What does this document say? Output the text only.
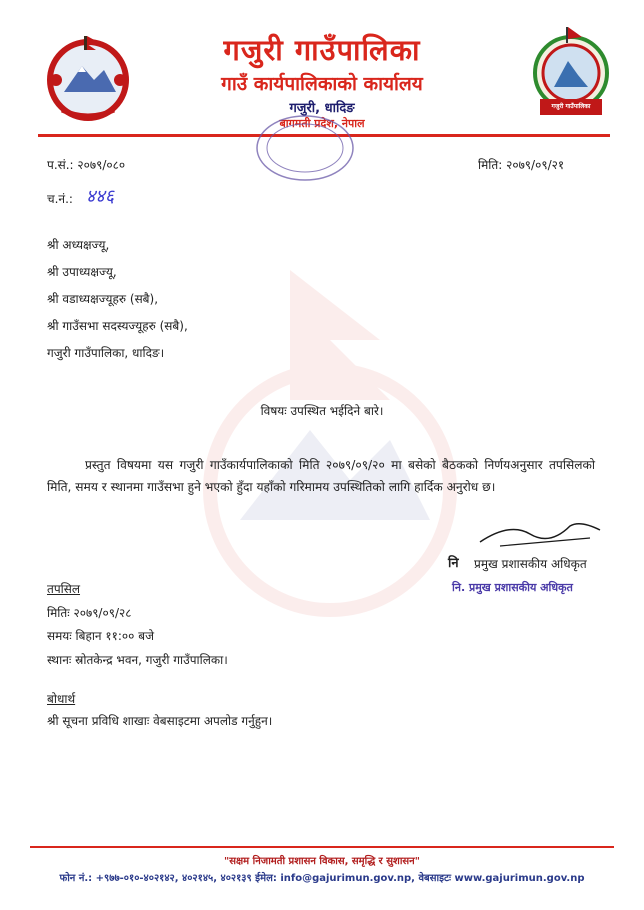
गजुरी गाउँपालिका
गजुरी गाउँपालिका
गाउँ कार्यपालिकाको कार्यालय
गजुरी, धादिङ
बागमती प्रदेश, नेपाल
प.सं.: २०७९/०८०	मिति: २०७९/०९/२१
च.नं.: ४४६
श्री अध्यक्षज्यू,
श्री उपाध्यक्षज्यू,
श्री वडाध्यक्षज्यूहरु (सबै),
श्री गाउँसभा सदस्यज्यूहरु (सबै),
गजुरी गाउँपालिका, धादिङ।
विषयः उपस्थित भईदिने बारे।
प्रस्तुत विषयमा यस गजुरी गाउँकार्यपालिकाको मिति २०७९/०९/२० मा बसेको बैठकको निर्णयअनुसार तपसिलको मिति, समय र स्थानमा गाउँसभा हुने भएको हुँदा यहाँको गरिमामय उपस्थितिको लागि हार्दिक अनुरोध छ।
नि प्रमुख प्रशासकीय अधिकृत
नि. प्रमुख प्रशासकीय अधिकृत
तपसिल
मितिः २०७९/०९/२८
समयः बिहान ११:०० बजे
स्थानः स्रोतकेन्द्र भवन, गजुरी गाउँपालिका।
बोधार्थ
श्री सूचना प्रविधि शाखाः वेबसाइटमा अपलोड गर्नुहुन।
"सक्षम निजामती प्रशासन विकास, समृद्धि र सुशासन"
फोन नं.: +९७७-०१०-४०२१४२, ४०२१४५, ४०२१३९ ईमेल: info@gajurimun.gov.np, वेबसाइटः www.gajurimun.gov.np
